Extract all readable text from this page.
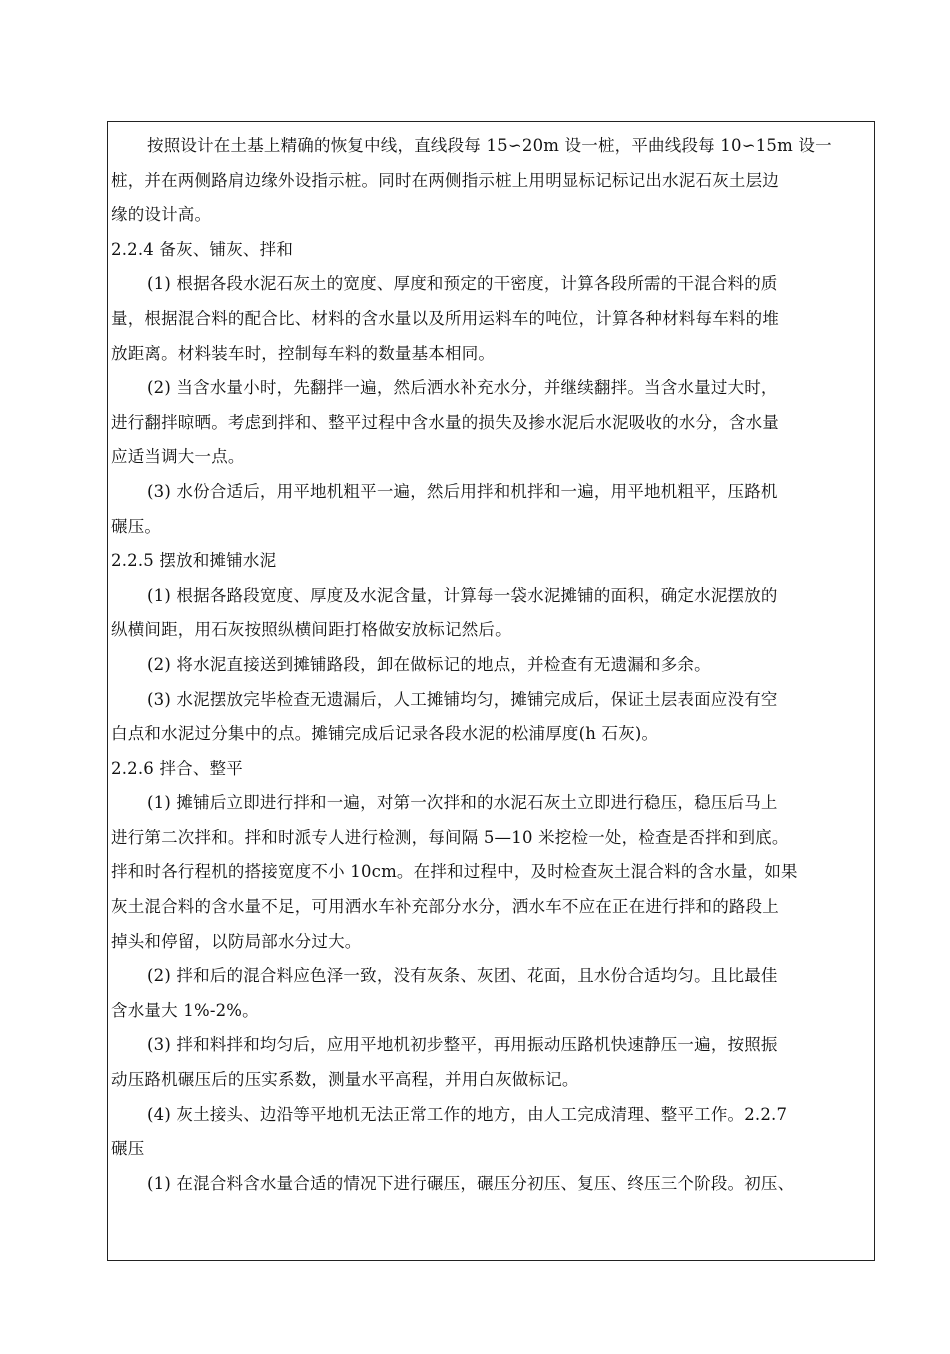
按照设计在土基上精确的恢复中线，直线段每 15∽20m 设一桩，平曲线段每 10∽15m 设一
桩，并在两侧路肩边缘外设指示桩。同时在两侧指示桩上用明显标记标记出水泥石灰土层边
缘的设计高。
2.2.4 备灰、铺灰、拌和
(1) 根据各段水泥石灰土的宽度、厚度和预定的干密度，计算各段所需的干混合料的质
量，根据混合料的配合比、材料的含水量以及所用运料车的吨位，计算各种材料每车料的堆
放距离。材料装车时，控制每车料的数量基本相同。
(2) 当含水量小时，先翻拌一遍，然后洒水补充水分，并继续翻拌。当含水量过大时，
进行翻拌晾晒。考虑到拌和、整平过程中含水量的损失及掺水泥后水泥吸收的水分，含水量
应适当调大一点。
(3) 水份合适后，用平地机粗平一遍，然后用拌和机拌和一遍，用平地机粗平，压路机
碾压。
2.2.5 摆放和摊铺水泥
(1) 根据各路段宽度、厚度及水泥含量，计算每一袋水泥摊铺的面积，确定水泥摆放的
纵横间距，用石灰按照纵横间距打格做安放标记然后。
(2) 将水泥直接送到摊铺路段，卸在做标记的地点，并检查有无遗漏和多余。
(3) 水泥摆放完毕检查无遗漏后，人工摊铺均匀，摊铺完成后，保证土层表面应没有空
白点和水泥过分集中的点。摊铺完成后记录各段水泥的松浦厚度(h 石灰)。
2.2.6 拌合、整平
(1) 摊铺后立即进行拌和一遍，对第一次拌和的水泥石灰土立即进行稳压，稳压后马上
进行第二次拌和。拌和时派专人进行检测，每间隔 5—10 米挖检一处，检查是否拌和到底。
拌和时各行程机的搭接宽度不小 10cm。在拌和过程中，及时检查灰土混合料的含水量，如果
灰土混合料的含水量不足，可用洒水车补充部分水分，洒水车不应在正在进行拌和的路段上
掉头和停留，以防局部水分过大。
(2) 拌和后的混合料应色泽一致，没有灰条、灰团、花面，且水份合适均匀。且比最佳
含水量大 1%-2%。
(3) 拌和料拌和均匀后，应用平地机初步整平，再用振动压路机快速静压一遍，按照振
动压路机碾压后的压实系数，测量水平高程，并用白灰做标记。
(4) 灰土接头、边沿等平地机无法正常工作的地方，由人工完成清理、整平工作。2.2.7
碾压
(1) 在混合料含水量合适的情况下进行碾压，碾压分初压、复压、终压三个阶段。初压、
